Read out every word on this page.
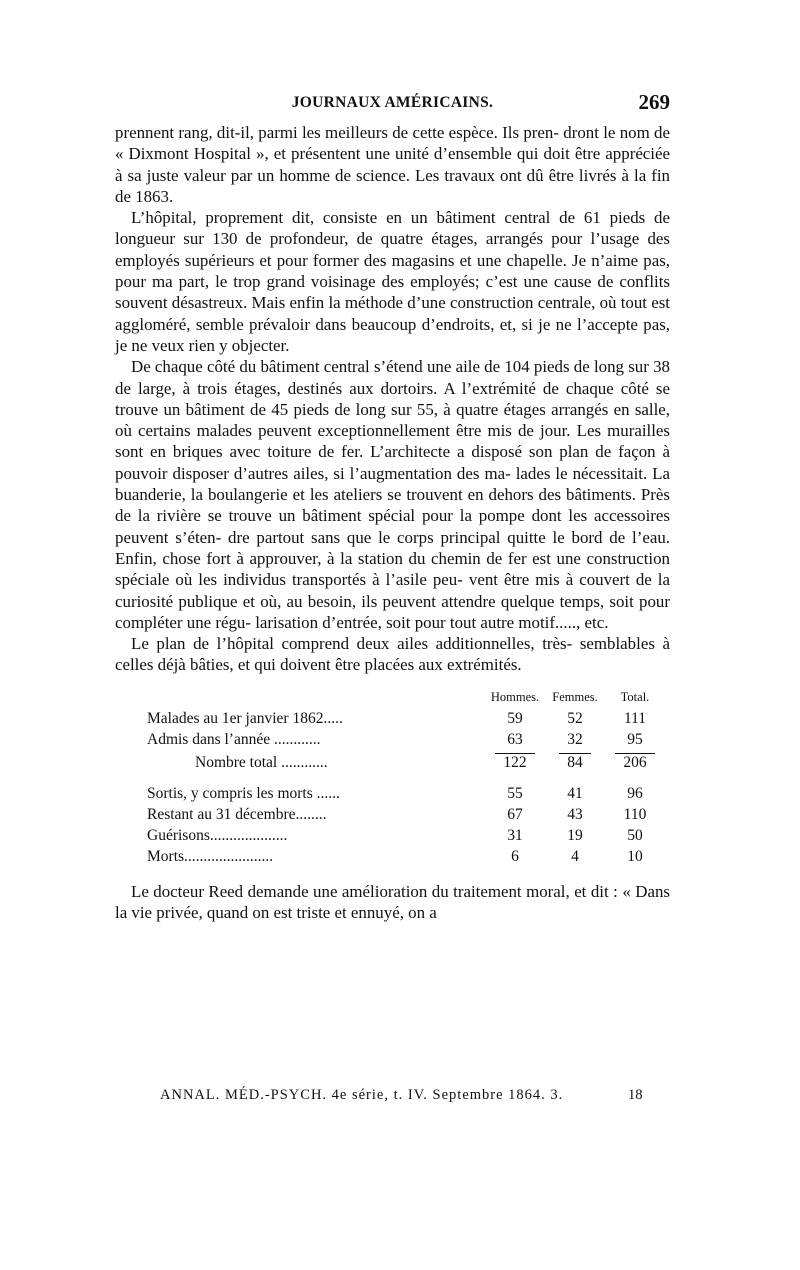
JOURNAUX AMÉRICAINS.	269

prennent rang, dit-il, parmi les meilleurs de cette espèce. Ils pren- dront le nom de « Dixmont Hospital », et présentent une unité d’ensemble qui doit être appréciée à sa juste valeur par un homme de science. Les travaux ont dû être livrés à la fin de 1863.

L’hôpital, proprement dit, consiste en un bâtiment central de 61 pieds de longueur sur 130 de profondeur, de quatre étages, arrangés pour l’usage des employés supérieurs et pour former des magasins et une chapelle. Je n’aime pas, pour ma part, le trop grand voisinage des employés; c’est une cause de conflits souvent désastreux. Mais enfin la méthode d’une construction centrale, où tout est aggloméré, semble prévaloir dans beaucoup d’endroits, et, si je ne l’accepte pas, je ne veux rien y objecter.

De chaque côté du bâtiment central s’étend une aile de 104 pieds de long sur 38 de large, à trois étages, destinés aux dortoirs. A l’extrémité de chaque côté se trouve un bâtiment de 45 pieds de long sur 55, à quatre étages arrangés en salle, où certains malades peuvent exceptionnellement être mis de jour. Les murailles sont en briques avec toiture de fer. L’architecte a disposé son plan de façon à pouvoir disposer d’autres ailes, si l’augmentation des ma- lades le nécessitait. La buanderie, la boulangerie et les ateliers se trouvent en dehors des bâtiments. Près de la rivière se trouve un bâtiment spécial pour la pompe dont les accessoires peuvent s’éten- dre partout sans que le corps principal quitte le bord de l’eau. Enfin, chose fort à approuver, à la station du chemin de fer est une construction spéciale où les individus transportés à l’asile peu- vent être mis à couvert de la curiosité publique et où, au besoin, ils peuvent attendre quelque temps, soit pour compléter une régu- larisation d’entrée, soit pour tout autre motif....., etc.

Le plan de l’hôpital comprend deux ailes additionnelles, très- semblables à celles déjà bâties, et qui doivent être placées aux extrémités.

	Hommes.	Femmes.	Total.
Malades au 1er janvier 1862.....	59	52	111
Admis dans l’année ............	63	32	95
Nombre total ............	122	84	206

Sortis, y compris les morts ......	55	41	96
Restant au 31 décembre........	67	43	110
Guérisons....................	31	19	50
Morts.......................	6	4	10

Le docteur Reed demande une amélioration du traitement moral, et dit : « Dans la vie privée, quand on est triste et ennuyé, on a

ANNAL. MÉD.-PSYCH. 4e série, t. IV. Septembre 1864. 3.	18
